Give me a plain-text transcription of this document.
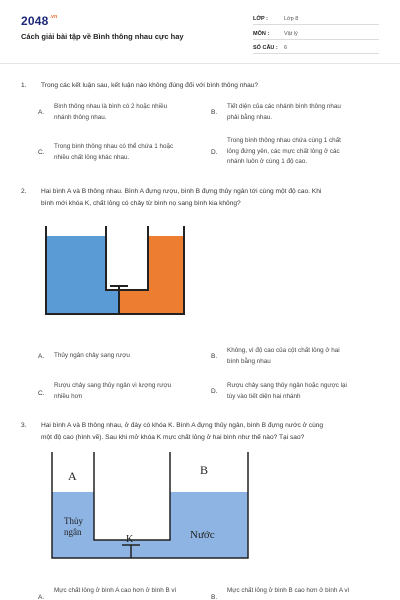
$2048^{.vn}$
Cách giải bài tập về Bình thông nhau cực hay
LỚP :	Lớp 8
MÔN :	Vật lý
SỐ CÂU : 6
1. Trong các kết luận sau, kết luận nào không đúng đối với bình thông nhau?
A.
Bình thông nhau là bình có 2 hoặc nhiều
nhánh thông nhau.
B.
Tiết diện của các nhánh bình thông nhau
phải bằng nhau.
C.
Trong bình thông nhau có thể chứa 1 hoặc
nhiều chất lỏng khác nhau.
D.
Trong bình thông nhau chứa cùng 1 chất
lỏng đứng yên, các mực chất lỏng ở các
nhánh luôn ở cùng 1 độ cao.
2. Hai bình A và B thông nhau. Bình A đựng rượu, bình B đựng thủy ngân tới cùng một độ cao. Khi
bình mới khóa K, chất lỏng có chảy từ bình nọ sang bình kia không?
A. Thủy ngân chảy sang rượu	B.
Không, vì độ cao của cột chất lỏng ở hai
bình bằng nhau
C.
Rượu chảy sang thủy ngân vì lượng rượu
nhiều hơn
D.
Rượu chảy sang thủy ngân hoặc ngược lại
tùy vào tiết diện hai nhánh
3. Hai bình A và B thông nhau, ở đáy có khóa K. Bình A đựng thủy ngân, bình B đựng nước ở cùng
một độ cao (hình vẽ). Sau khi mở khóa K mực chất lỏng ở hai bình như thế nào? Tại sao?
A	B
Thủy
ngân	Nước
K
A.
Mực chất lỏng ở bình A cao hơn ở bình B vì
B.
Mực chất lỏng ở bình B cao hơn ở bình A vì
